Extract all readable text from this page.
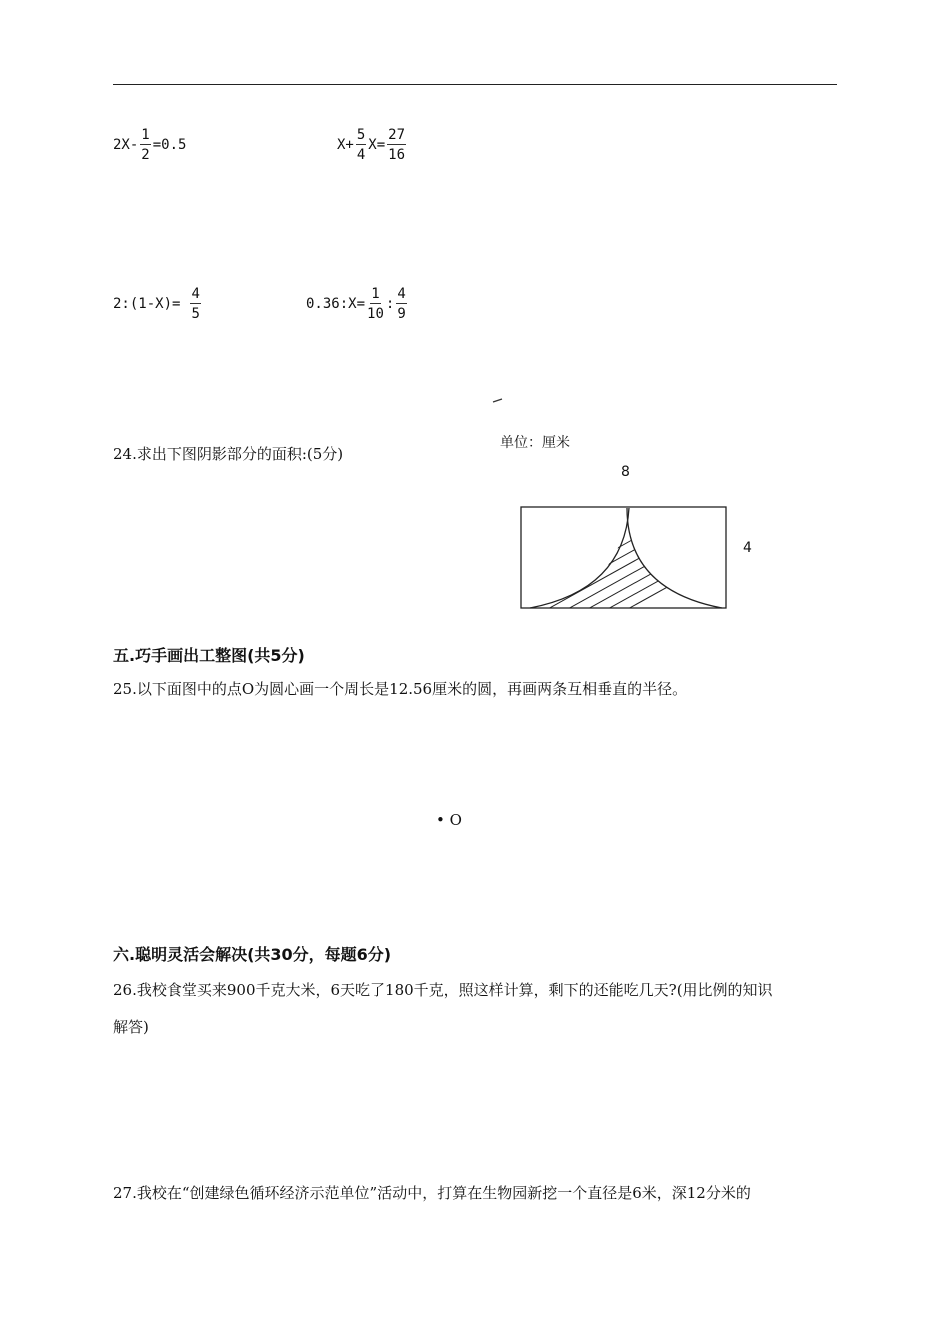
$2X- \frac{1}{2} =0.5$	$X+ \frac{5}{4} X= \frac{27}{16}$
2:(1-X)= $\frac{4}{5}$	0.36:X= $\frac{1}{10}$ : $\frac{4}{9}$
单位：厘米
24.求出下图阴影部分的面积:(5分)
8
4
五.巧手画出工整图(共5分)
25.以下面图中的点O为圆心画一个周长是12.56厘米的圆，再画两条互相垂直的半径。
• O
六.聪明灵活会解决(共30分，每题6分)
26.我校食堂买来900千克大米，6天吃了180千克，照这样计算，剩下的还能吃几天?(用比例的知识
解答)
27.我校在“创建绿色循环经济示范单位”活动中，打算在生物园新挖一个直径是6米，深12分米的
